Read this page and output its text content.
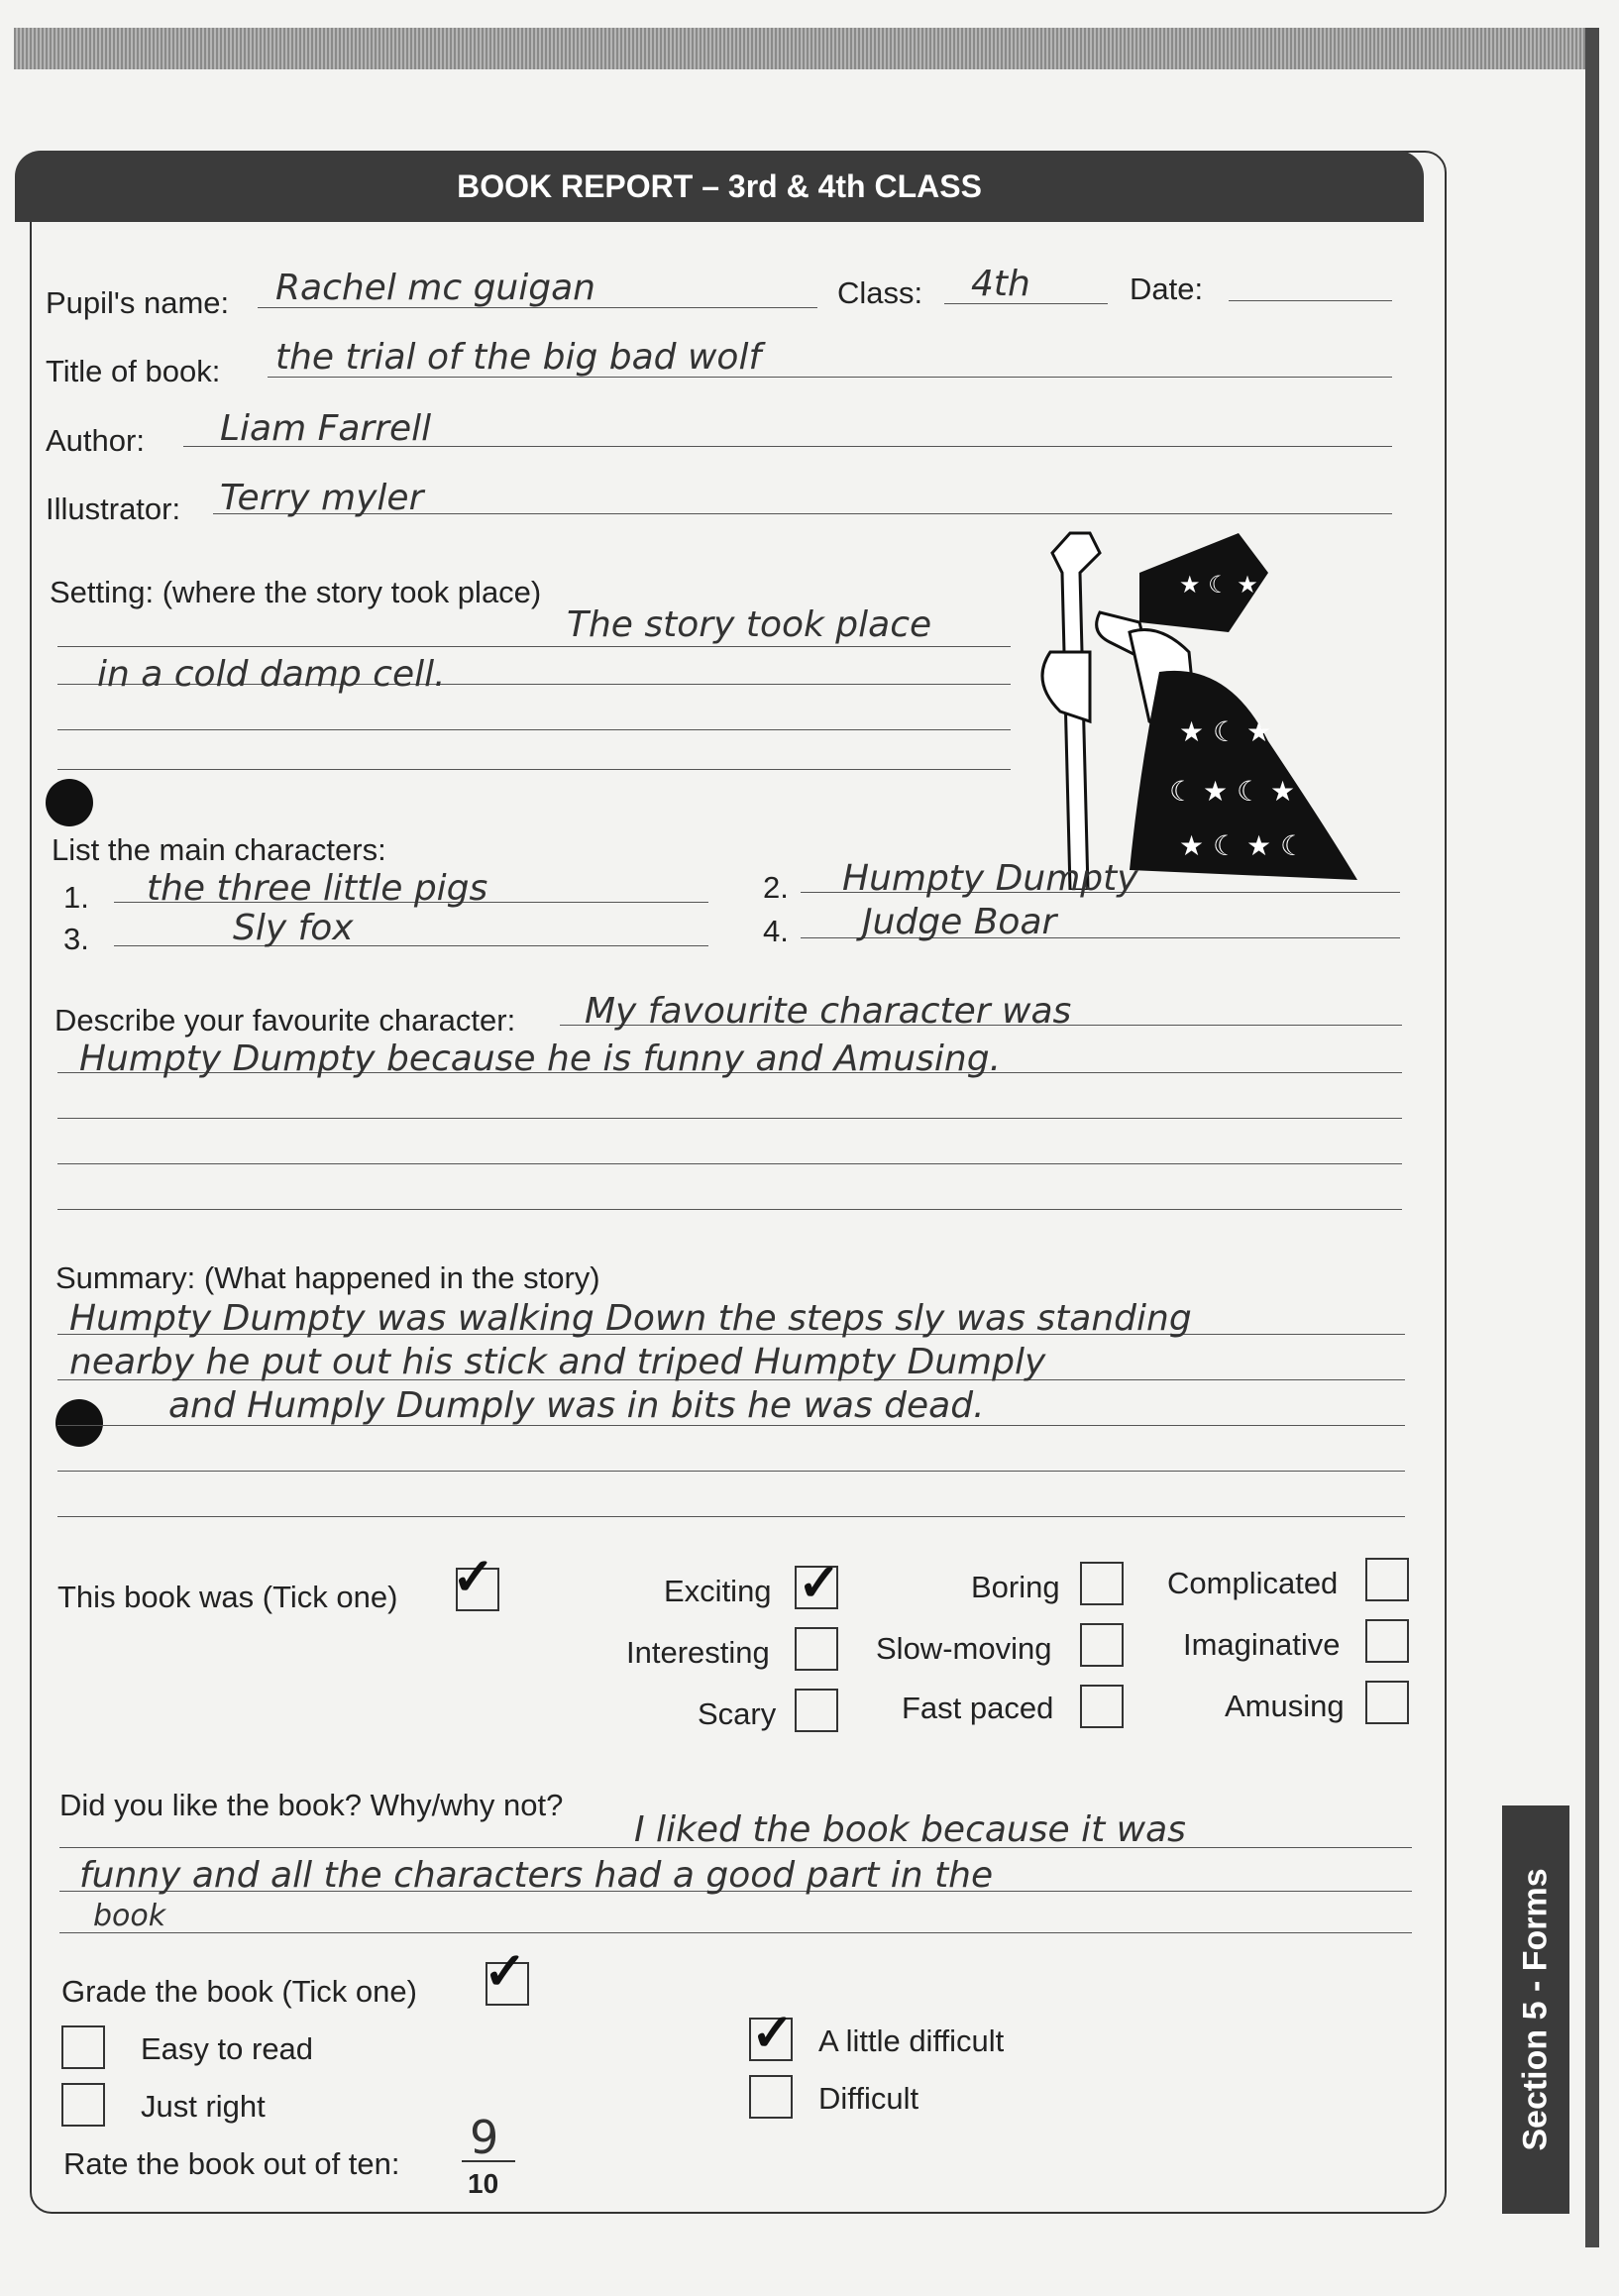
BOOK REPORT – 3rd & 4th CLASS
Pupil's name: Rachel mc guigan	Class: 4th	Date:
Title of book: the trial of the big bad wolf
Author: Liam Farrell
Illustrator: Terry myler
Setting: (where the story took place)
The story took place
in a cold damp cell.
★ ☾ ★
☾ ★ ☾ ★
★ ☾ ★ ☾
★ ☾ ★
List the main characters:
1. the three little pigs	2. Humpty Dumpty
3.	Sly fox	4. Judge Boar
Describe your favourite character: My favourite character was
Humpty Dumpty because he is funny and Amusing.
Summary: (What happened in the story)
Humpty Dumpty was walking Down the steps sly was standing
nearby he put out his stick and triped Humpty Dumply
and Humply Dumply was in bits he was dead.
This book was (Tick one) ✓	Exciting ✓	Boring	Complicated
Interesting	Slow-moving	Imaginative
Scary	Fast paced	Amusing
Did you like the book? Why/why not?
I liked the book because it was
funny and all the characters had a good part in the
book
Grade the book (Tick one) ✓
Easy to read	✓ A little difficult
Just right	Difficult
Rate the book out of ten: 9
10
Section 5 - Forms
